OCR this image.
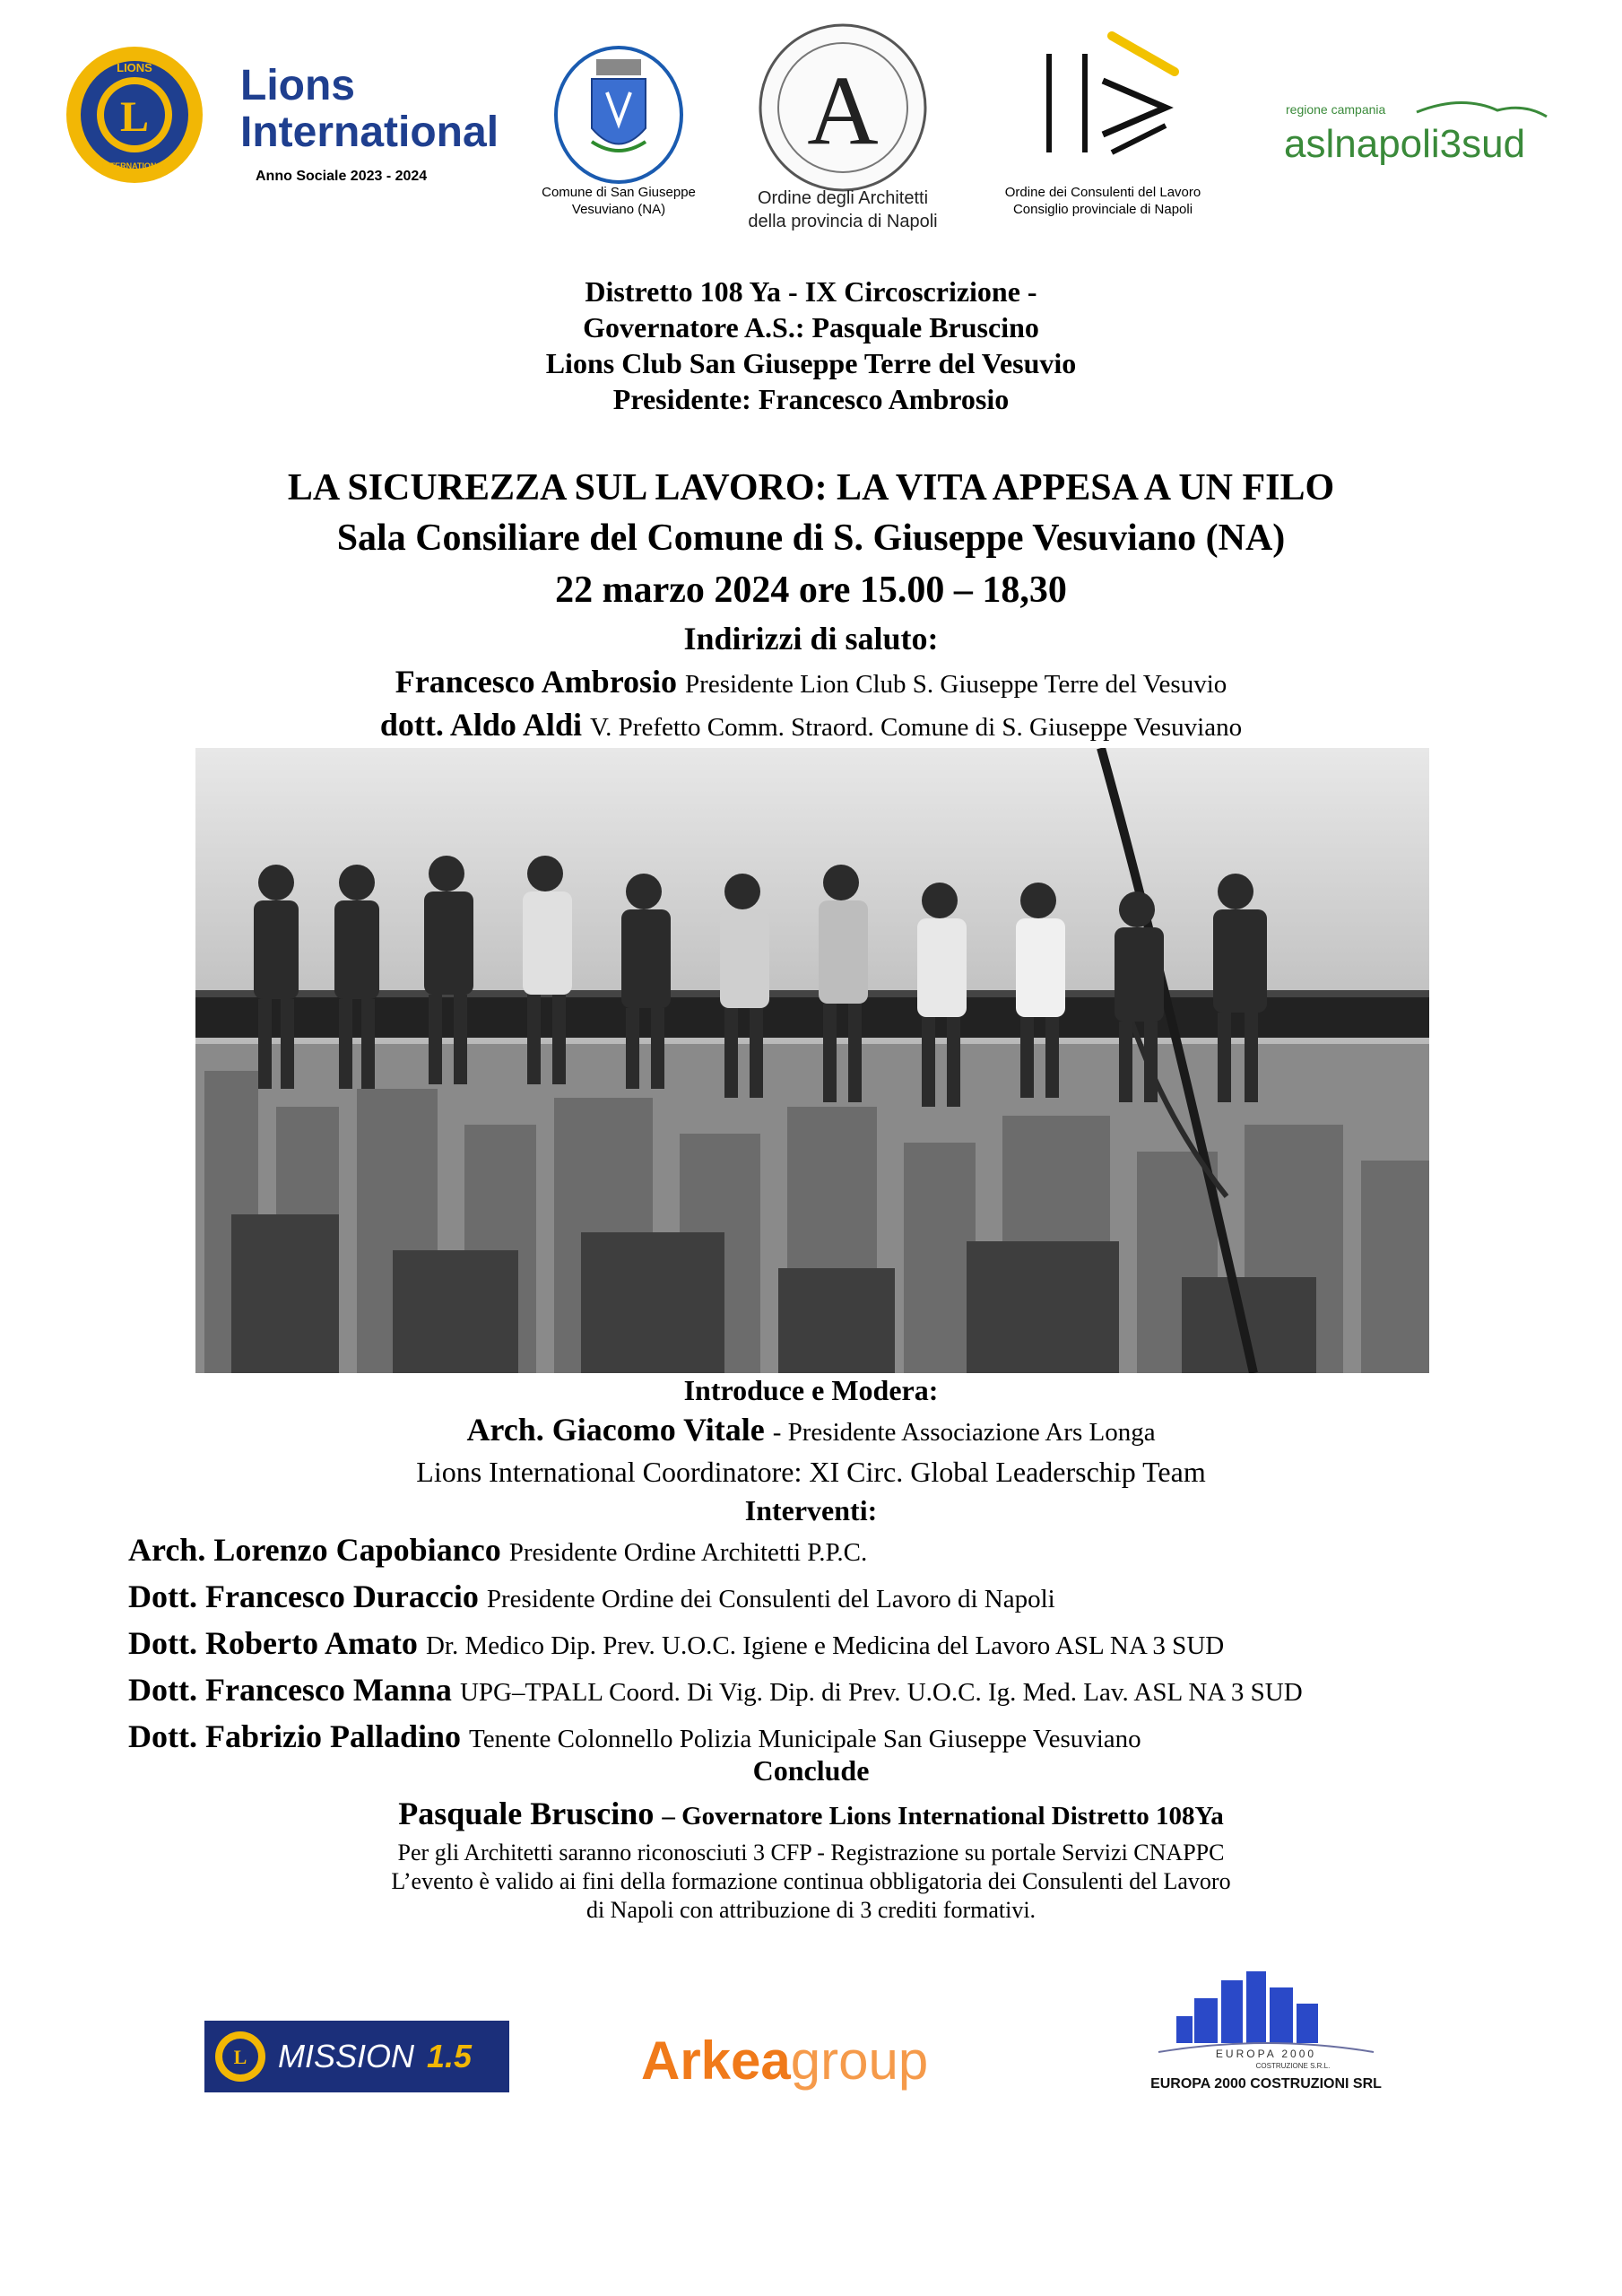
L
LIONS
INTERNATIONAL
Lions
International
Anno Sociale 2023 - 2024
Comune di San Giuseppe
Vesuviano (NA)
A
Ordine degli Architetti
della provincia di Napoli
Ordine dei Consulenti del Lavoro
Consiglio provinciale di Napoli
regione campania
aslnapoli3sud
Distretto 108 Ya - IX Circoscrizione -
Governatore A.S.: Pasquale Bruscino
Lions Club San Giuseppe Terre del Vesuvio
Presidente: Francesco Ambrosio
LA SICUREZZA SUL LAVORO: LA VITA APPESA A UN FILO
Sala Consiliare del Comune di S. Giuseppe Vesuviano (NA)
22 marzo 2024 ore 15.00 – 18,30
Indirizzi di saluto:
Francesco Ambrosio Presidente Lion Club S. Giuseppe Terre del Vesuvio
dott. Aldo Aldi V. Prefetto Comm. Straord. Comune di S. Giuseppe Vesuviano
Introduce e Modera:
Arch. Giacomo Vitale - Presidente Associazione Ars Longa
Lions International Coordinatore: XI Circ. Global Leaderschip Team
Interventi:
Arch. Lorenzo Capobianco Presidente Ordine Architetti P.P.C.
Dott. Francesco Duraccio Presidente Ordine dei Consulenti del Lavoro di Napoli
Dott. Roberto Amato Dr. Medico Dip. Prev. U.O.C. Igiene e Medicina del Lavoro ASL NA 3 SUD
Dott. Francesco Manna UPG–TPALL Coord. Di Vig. Dip. di Prev. U.O.C. Ig. Med. Lav. ASL NA 3 SUD
Dott. Fabrizio Palladino Tenente Colonnello Polizia Municipale San Giuseppe Vesuviano
Conclude
Pasquale Bruscino – Governatore Lions International Distretto 108Ya
Per gli Architetti saranno riconosciuti 3 CFP - Registrazione su portale Servizi CNAPPC
L’evento è valido ai fini della formazione continua obbligatoria dei Consulenti del Lavoro
di Napoli con attribuzione di 3 crediti formativi.
L MISSION 1.5	Arkeagroup	EUROPA 2000
COSTRUZIONE S.R.L.
EUROPA 2000 COSTRUZIONI SRL
